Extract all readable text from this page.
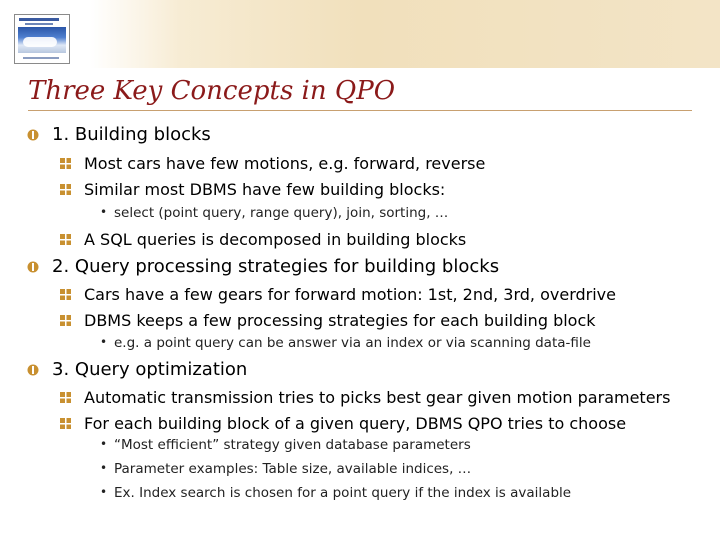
Three Key Concepts in QPO
1. Building blocks
Most cars have few motions, e.g. forward, reverse
Similar most DBMS have few building blocks:
• select (point query, range query), join, sorting, …
A SQL queries is decomposed in building blocks
2. Query processing strategies for building blocks
Cars have a few gears for forward motion: 1st, 2nd, 3rd, overdrive
DBMS keeps a few processing strategies for each building block
• e.g. a point query can be answer via an index or via scanning data-file
3. Query optimization
Automatic transmission tries to picks best gear given motion parameters
For each building block of a given query, DBMS QPO tries to choose
• “Most efficient” strategy given database parameters
• Parameter examples: Table size, available indices, …
• Ex. Index search is chosen for a point query if the index is available
